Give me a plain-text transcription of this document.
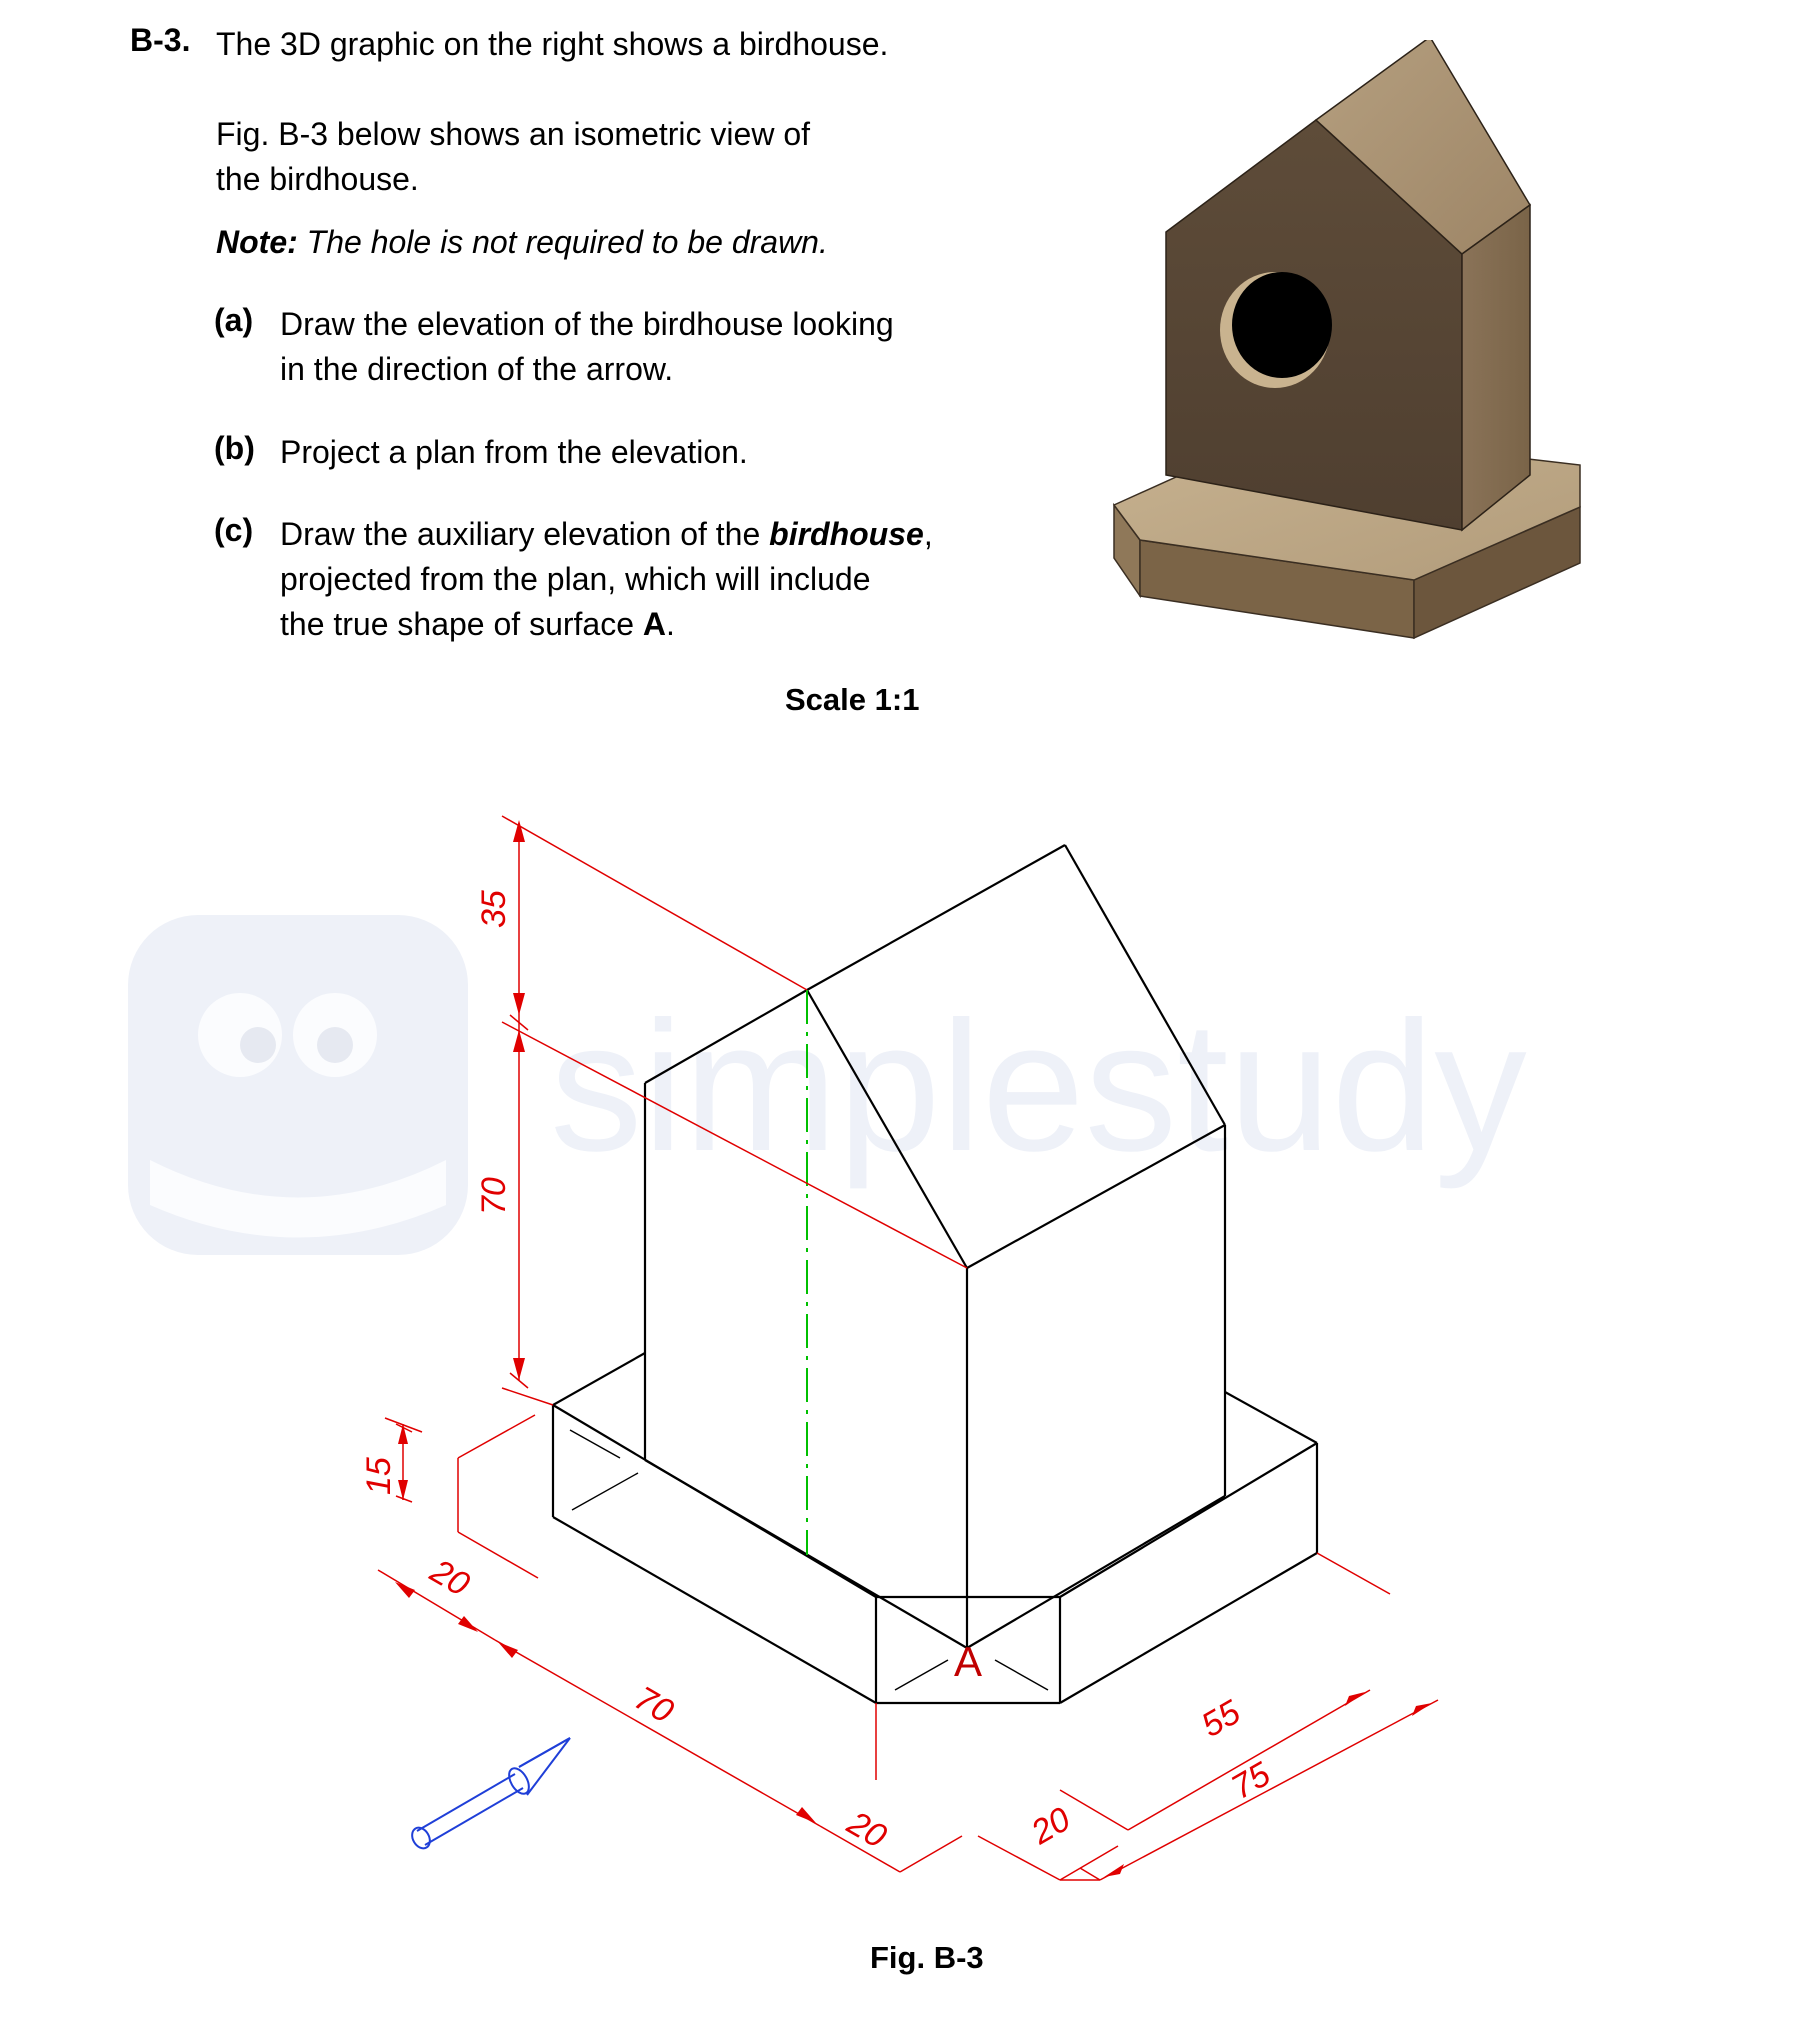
B-3. The 3D graphic on the right shows a birdhouse.
Fig. B-3 below shows an isometric view of
the birdhouse.
Note: The hole is not required to be drawn.
(a) Draw the elevation of the birdhouse looking
in the direction of the arrow.
(b) Project a plan from the elevation.
(c) Draw the auxiliary elevation of the birdhouse,
projected from the plan, which will include
the true shape of surface A.
Scale 1:1
simplestudy
A
35
70
15
20
70
20	20
55
75
Fig. B-3
